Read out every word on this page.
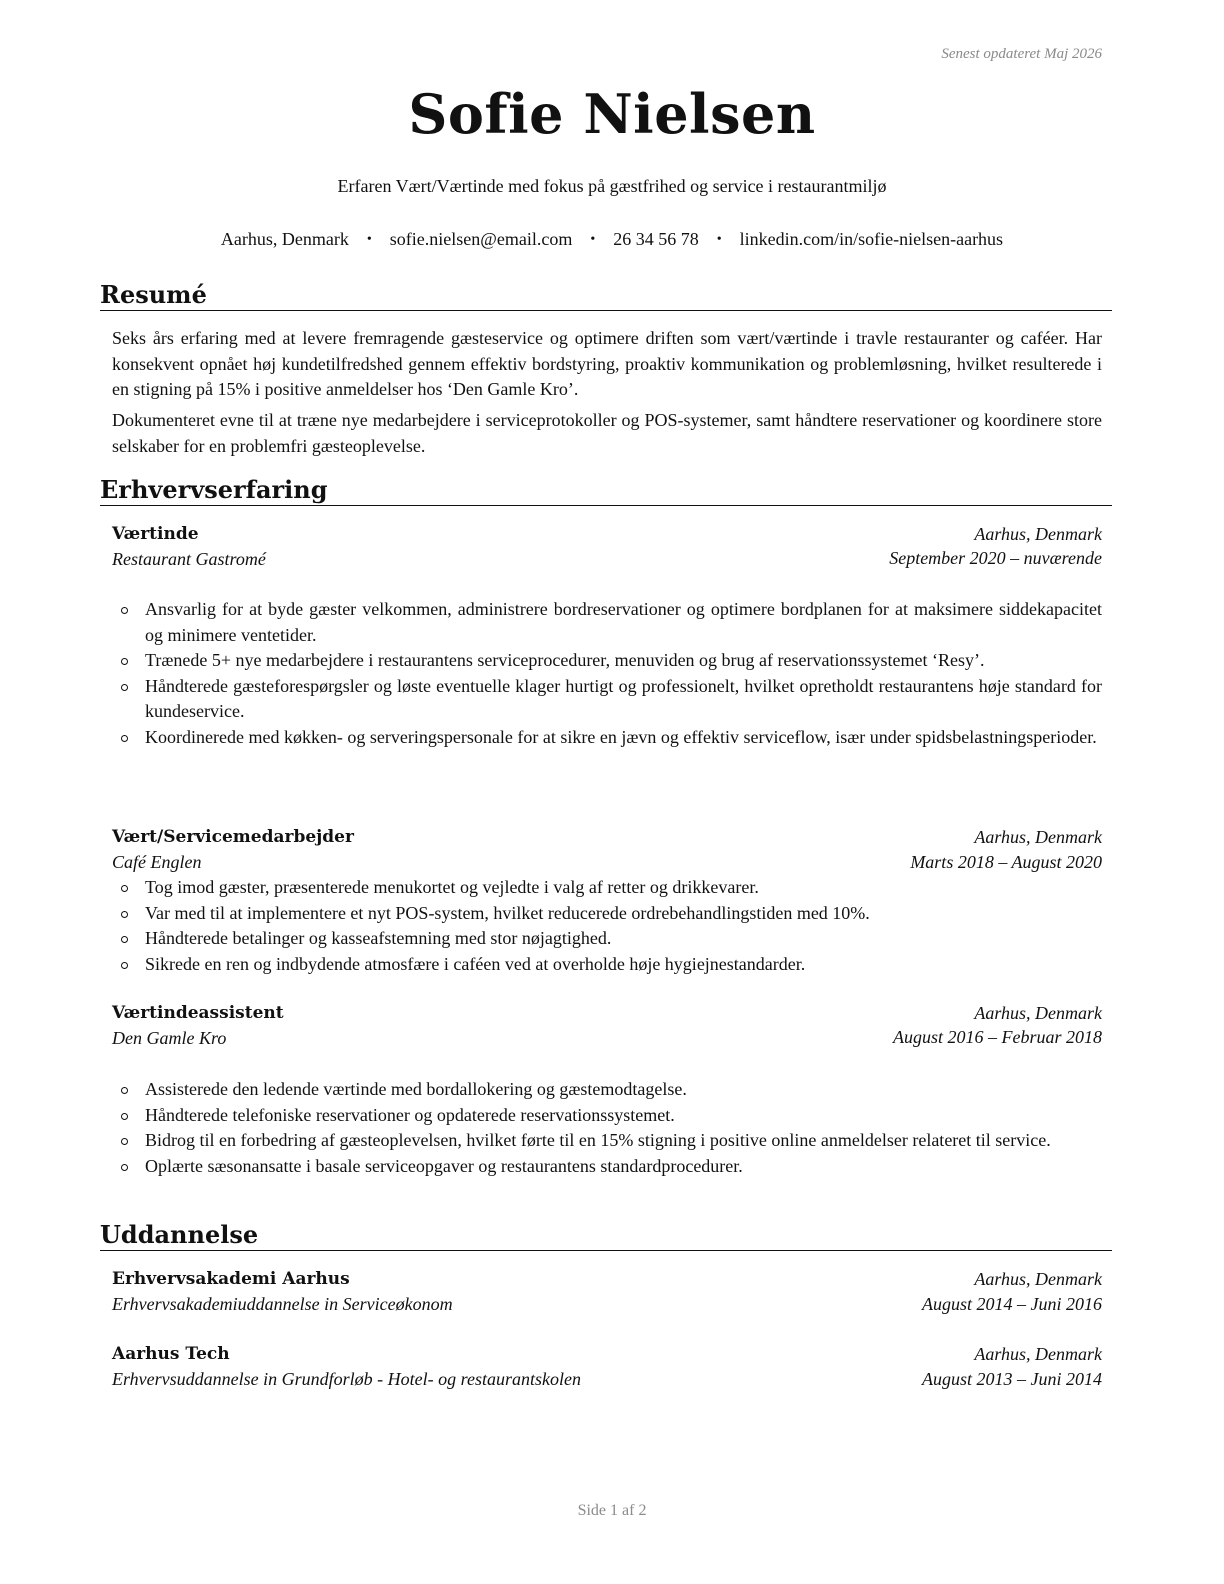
Senest opdateret Maj 2026
Sofie Nielsen
Erfaren Vært/Værtinde med fokus på gæstfrihed og service i restaurantmiljø
Aarhus, Denmark • sofie.nielsen@email.com • 26 34 56 78 • linkedin.com/in/sofie-nielsen-aarhus
Resumé
Seks års erfaring med at levere fremragende gæsteservice og optimere driften som vært/værtinde i travle restauranter og caféer. Har konsekvent opnået høj kundetilfredshed gennem effektiv bordstyring, proaktiv kommunikation og problemløsning, hvilket resulterede i en stigning på 15% i positive anmeldelser hos ‘Den Gamle Kro’.
Dokumenteret evne til at træne nye medarbejdere i serviceprotokoller og POS-systemer, samt håndtere reservationer og koordinere store selskaber for en problemfri gæsteoplevelse.
Erhvervserfaring
Værtinde	Aarhus, Denmark
Restaurant Gastromé	September 2020 – nuværende
Ansvarlig for at byde gæster velkommen, administrere bordreservationer og optimere bordplanen for at maksimere siddekapacitet og minimere ventetider.
Trænede 5+ nye medarbejdere i restaurantens serviceprocedurer, menuviden og brug af reservationssystemet ‘Resy’.
Håndterede gæsteforespørgsler og løste eventuelle klager hurtigt og professionelt, hvilket opretholdt restaurantens høje standard for kundeservice.
Koordinerede med køkken- og serveringspersonale for at sikre en jævn og effektiv serviceflow, især under spidsbelastningsperioder.
Vært/Servicemedarbejder	Aarhus, Denmark
Café Englen	Marts 2018 – August 2020
Tog imod gæster, præsenterede menukortet og vejledte i valg af retter og drikkevarer.
Var med til at implementere et nyt POS-system, hvilket reducerede ordrebehandlingstiden med 10%.
Håndterede betalinger og kasseafstemning med stor nøjagtighed.
Sikrede en ren og indbydende atmosfære i caféen ved at overholde høje hygiejnestandarder.
Værtindeassistent	Aarhus, Denmark
Den Gamle Kro	August 2016 – Februar 2018
Assisterede den ledende værtinde med bordallokering og gæstemodtagelse.
Håndterede telefoniske reservationer og opdaterede reservationssystemet.
Bidrog til en forbedring af gæsteoplevelsen, hvilket førte til en 15% stigning i positive online anmeldelser relateret til service.
Oplærte sæsonansatte i basale serviceopgaver og restaurantens standardprocedurer.
Uddannelse
Erhvervsakademi Aarhus	Aarhus, Denmark
Erhvervsakademiuddannelse in Serviceøkonom	August 2014 – Juni 2016
Aarhus Tech	Aarhus, Denmark
Erhvervsuddannelse in Grundforløb - Hotel- og restaurantskolen	August 2013 – Juni 2014
Side 1 af 2
